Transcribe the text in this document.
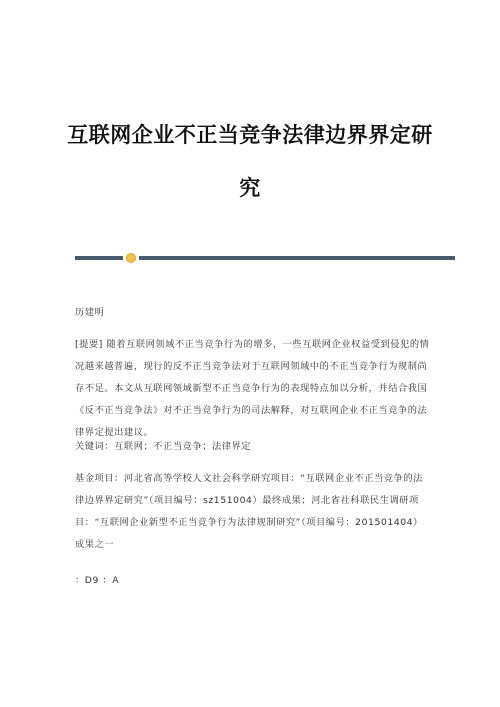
互联网企业不正当竞争法律边界界定研
究
历建明
[提要] 随着互联网领域不正当竞争行为的增多，一些互联网企业权益受到侵犯的情况越来越普遍，现行的反不正当竞争法对于互联网领域中的不正当竞争行为规制尚存不足。本文从互联网领域新型不正当竞争行为的表现特点加以分析，并结合我国《反不正当竞争法》对不正当竞争行为的司法解释，对互联网企业不正当竞争的法律界定提出建议。
关键词：互联网；不正当竞争；法律界定
基金项目：河北省高等学校人文社会科学研究项目：“互联网企业不正当竞争的法律边界界定研究”（项目编号：sz151004）最终成果；河北省社科联民生调研项目：“互联网企业新型不正当竞争行为法律规制研究”（项目编号：201501404）成果之一
：D9 ：A
